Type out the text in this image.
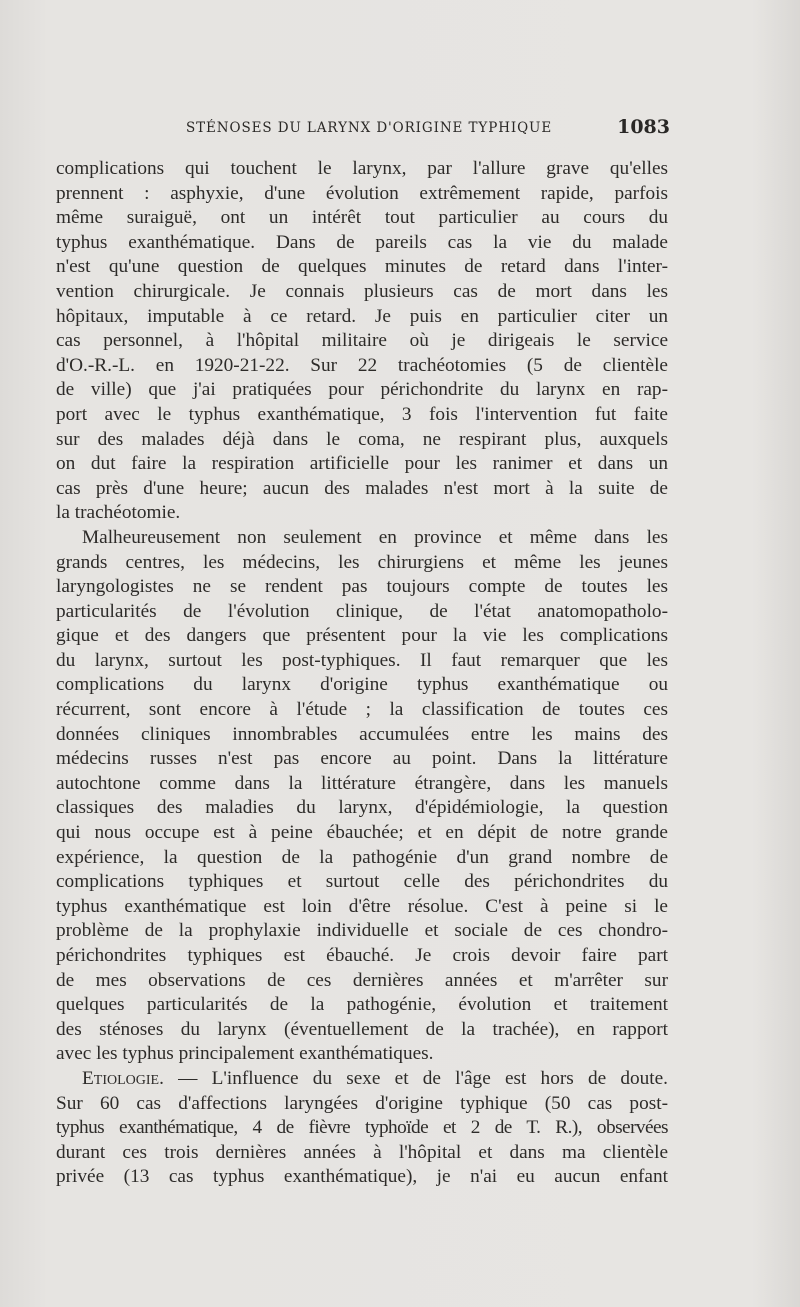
STÉNOSES DU LARYNX D'ORIGINE TYPHIQUE	1083

complications qui touchent le larynx, par l'allure grave qu'elles

prennent : asphyxie, d'une évolution extrêmement rapide, parfois

même suraiguë, ont un intérêt tout particulier au cours du

typhus exanthématique. Dans de pareils cas la vie du malade

n'est qu'une question de quelques minutes de retard dans l'inter-

vention chirurgicale. Je connais plusieurs cas de mort dans les

hôpitaux, imputable à ce retard. Je puis en particulier citer un

cas personnel, à l'hôpital militaire où je dirigeais le service

d'O.-R.-L. en 1920-21-22. Sur 22 trachéotomies (5 de clientèle

de ville) que j'ai pratiquées pour périchondrite du larynx en rap-

port avec le typhus exanthématique, 3 fois l'intervention fut faite

sur des malades déjà dans le coma, ne respirant plus, auxquels

on dut faire la respiration artificielle pour les ranimer et dans un

cas près d'une heure; aucun des malades n'est mort à la suite de

la trachéotomie.

Malheureusement non seulement en province et même dans les

grands centres, les médecins, les chirurgiens et même les jeunes

laryngologistes ne se rendent pas toujours compte de toutes les

particularités de l'évolution clinique, de l'état anatomopatholo-

gique et des dangers que présentent pour la vie les complications

du larynx, surtout les post-typhiques. Il faut remarquer que les

complications du larynx d'origine typhus exanthématique ou

récurrent, sont encore à l'étude ; la classification de toutes ces

données cliniques innombrables accumulées entre les mains des

médecins russes n'est pas encore au point. Dans la littérature

autochtone comme dans la littérature étrangère, dans les manuels

classiques des maladies du larynx, d'épidémiologie, la question

qui nous occupe est à peine ébauchée; et en dépit de notre grande

expérience, la question de la pathogénie d'un grand nombre de

complications typhiques et surtout celle des périchondrites du

typhus exanthématique est loin d'être résolue. C'est à peine si le

problème de la prophylaxie individuelle et sociale de ces chondro-

périchondrites typhiques est ébauché. Je crois devoir faire part

de mes observations de ces dernières années et m'arrêter sur

quelques particularités de la pathogénie, évolution et traitement

des sténoses du larynx (éventuellement de la trachée), en rapport

avec les typhus principalement exanthématiques.

Etiologie. — L'influence du sexe et de l'âge est hors de doute.

Sur 60 cas d'affections laryngées d'origine typhique (50 cas post-

typhus exanthématique, 4 de fièvre typhoïde et 2 de T. R.), observées

durant ces trois dernières années à l'hôpital et dans ma clientèle

privée (13 cas typhus exanthématique), je n'ai eu aucun enfant
